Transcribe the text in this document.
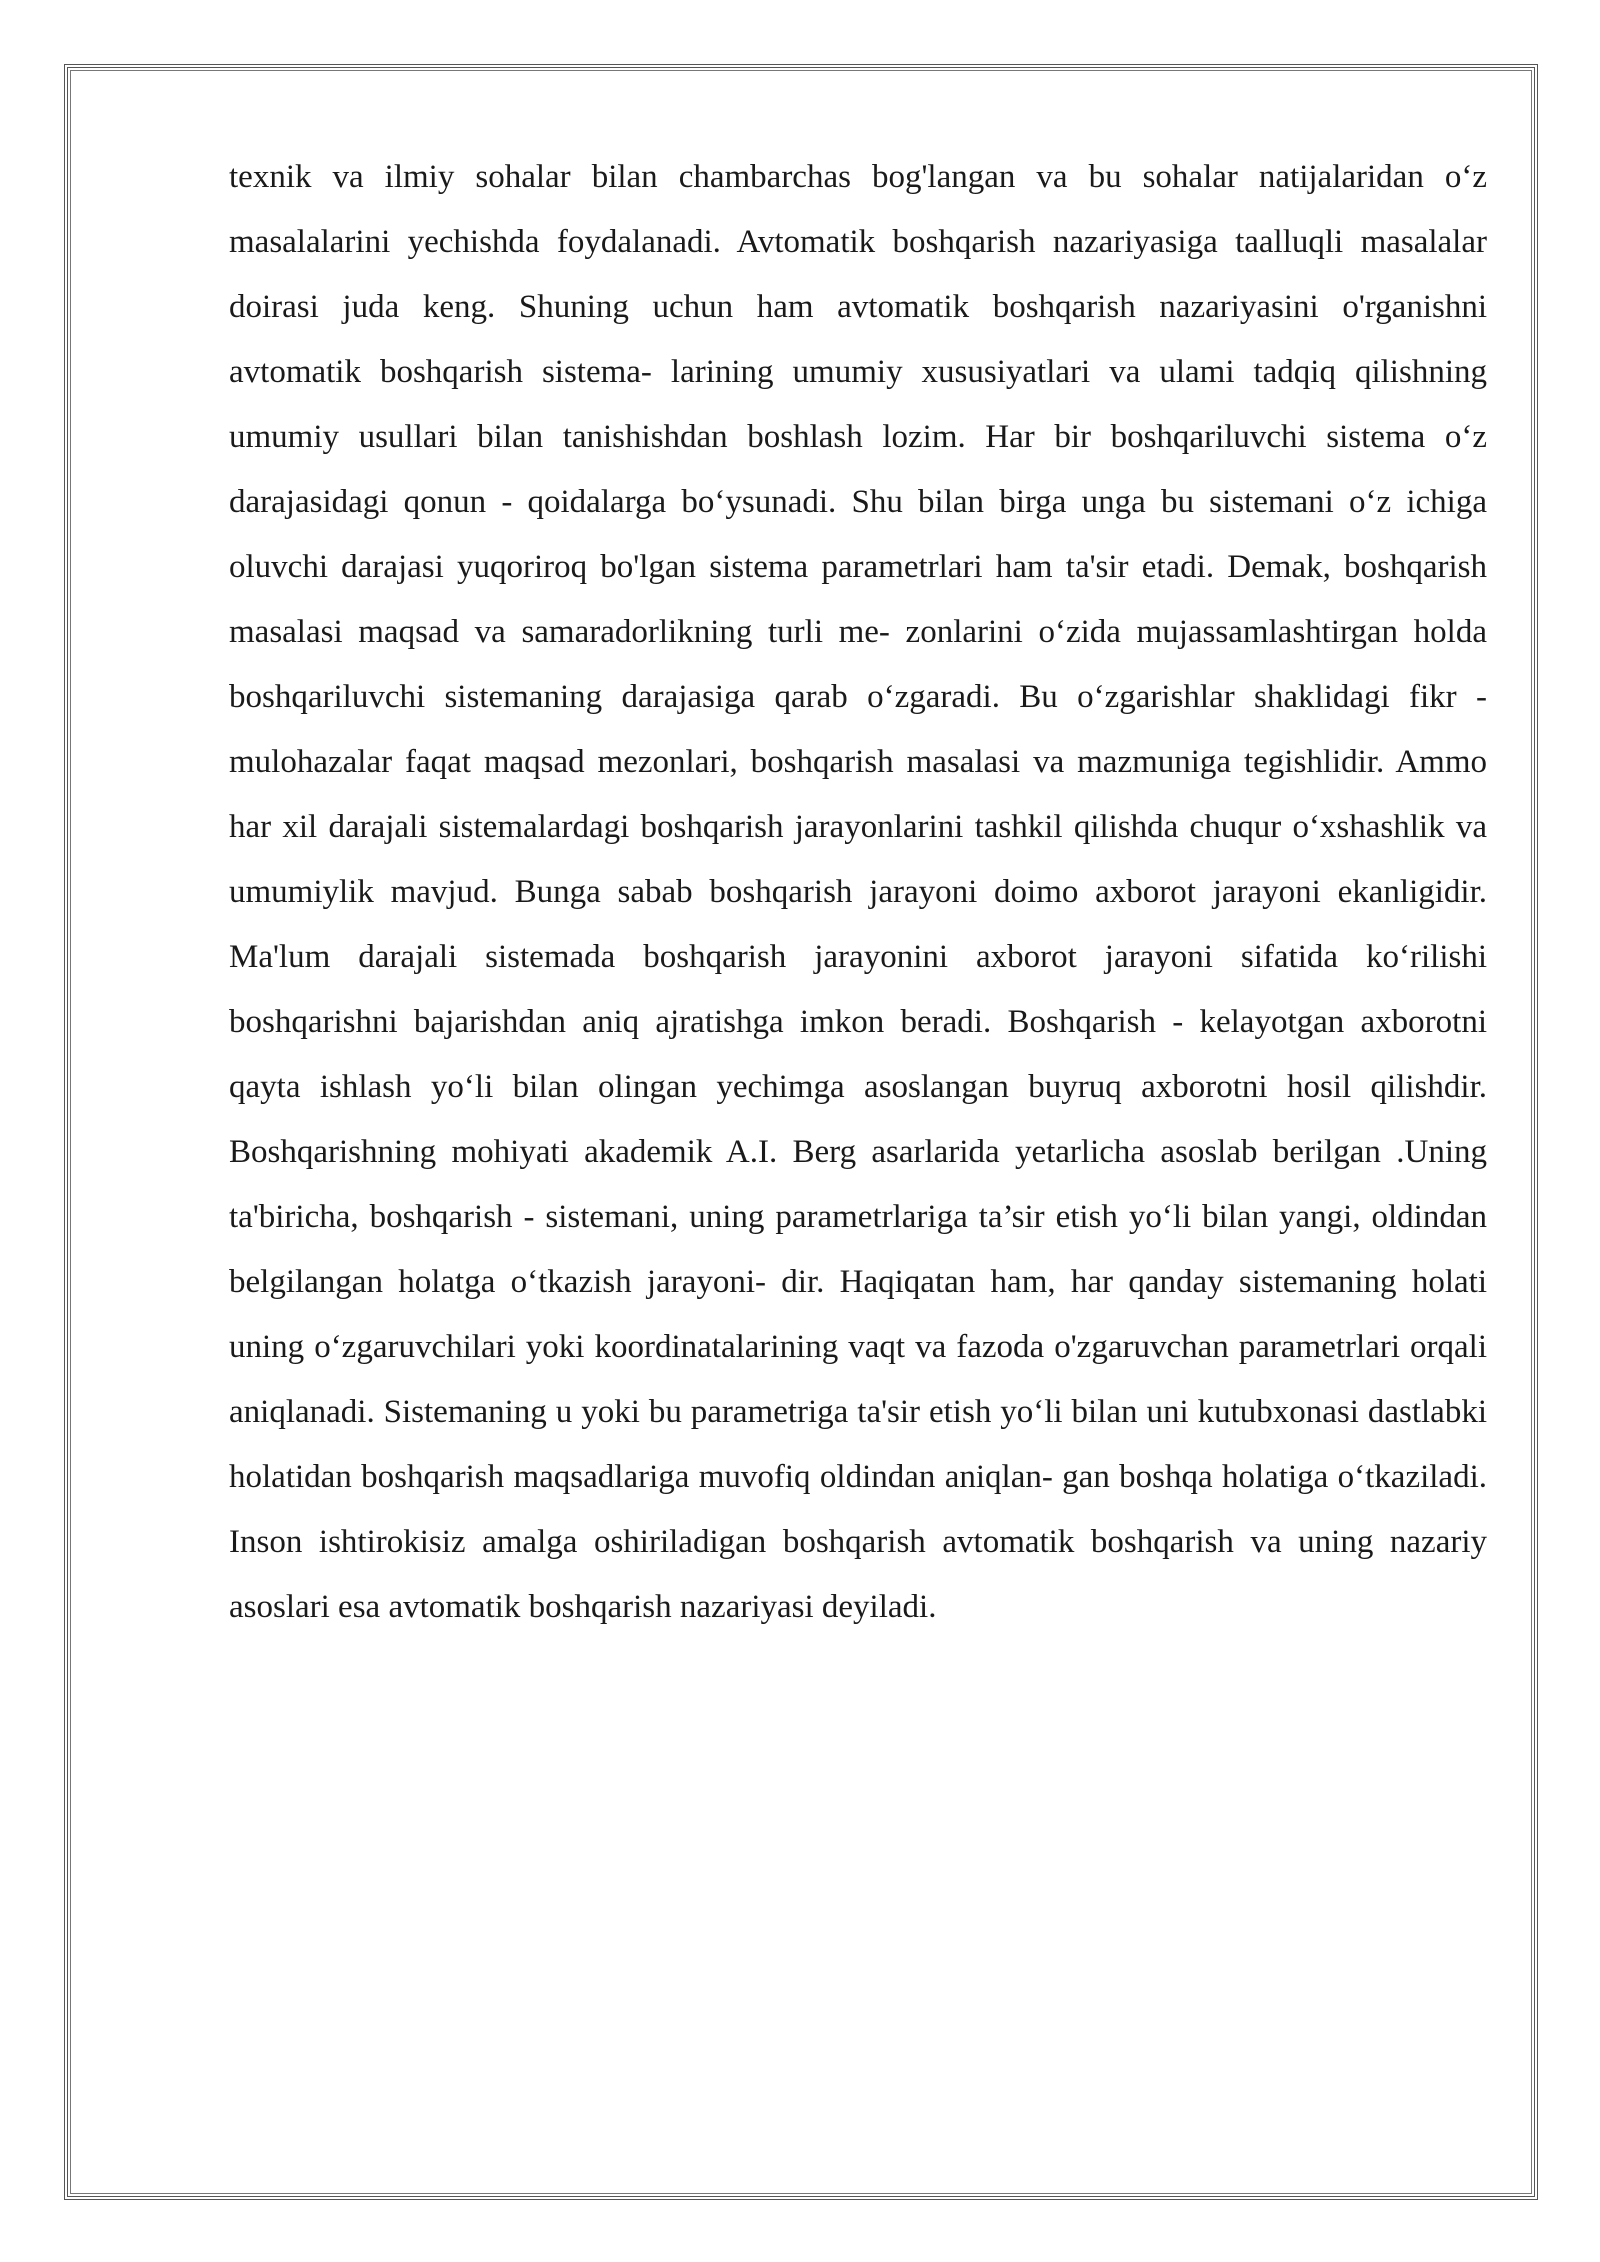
texnik va ilmiy sohalar bilan chambarchas bog'langan va bu sohalar natijalaridan o‘z masalalarini yechishda foydalanadi. Avtomatik boshqarish nazariyasiga taalluqli masalalar doirasi juda keng. Shuning uchun ham avtomatik boshqarish nazariyasini o'rganishni avtomatik boshqarish sistema- larining umumiy xususiyatlari va ulami tadqiq qilishning umumiy usullari bilan tanishishdan boshlash lozim. Har bir boshqariluvchi sistema o‘z darajasidagi qonun - qoidalarga bo‘ysunadi. Shu bilan birga unga bu sistemani o‘z ichiga oluvchi darajasi yuqoriroq bo'lgan sistema parametrlari ham ta'sir etadi. Demak, boshqarish masalasi maqsad va samaradorlikning turli me- zonlarini o‘zida mujassamlashtirgan holda boshqariluvchi sistemaning darajasiga qarab o‘zgaradi. Bu o‘zgarishlar shaklidagi fikr - mulohazalar faqat maqsad mezonlari, boshqarish masalasi va mazmuniga tegishlidir. Ammo har xil darajali sistemalardagi boshqarish jarayonlarini tashkil qilishda chuqur o‘xshashlik va umumiylik mavjud. Bunga sabab boshqarish jarayoni doimo axborot jarayoni ekanligidir. Ma'lum darajali sistemada boshqarish jarayonini axborot jarayoni sifatida ko‘rilishi boshqarishni bajarishdan aniq ajratishga imkon beradi. Boshqarish - kelayotgan axborotni qayta ishlash yo‘li bilan olingan yechimga asoslangan buyruq axborotni hosil qilishdir. Boshqarishning mohiyati akademik A.I. Berg asarlarida yetarlicha asoslab berilgan .Uning ta'biricha, boshqarish - sistemani, uning parametrlariga ta’sir etish yo‘li bilan yangi, oldindan belgilangan holatga o‘tkazish jarayoni- dir. Haqiqatan ham, har qanday sistemaning holati uning o‘zgaruvchilari yoki koordinatalarining vaqt va fazoda o'zgaruvchan parametrlari orqali aniqlanadi. Sistemaning u yoki bu parametriga ta'sir etish yo‘li bilan uni kutubxonasi dastlabki holatidan boshqarish maqsadlariga muvofiq oldindan aniqlan- gan boshqa holatiga o‘tkaziladi. Inson ishtirokisiz amalga oshiriladigan boshqarish avtomatik boshqarish va uning nazariy asoslari esa avtomatik boshqarish nazariyasi deyiladi.
